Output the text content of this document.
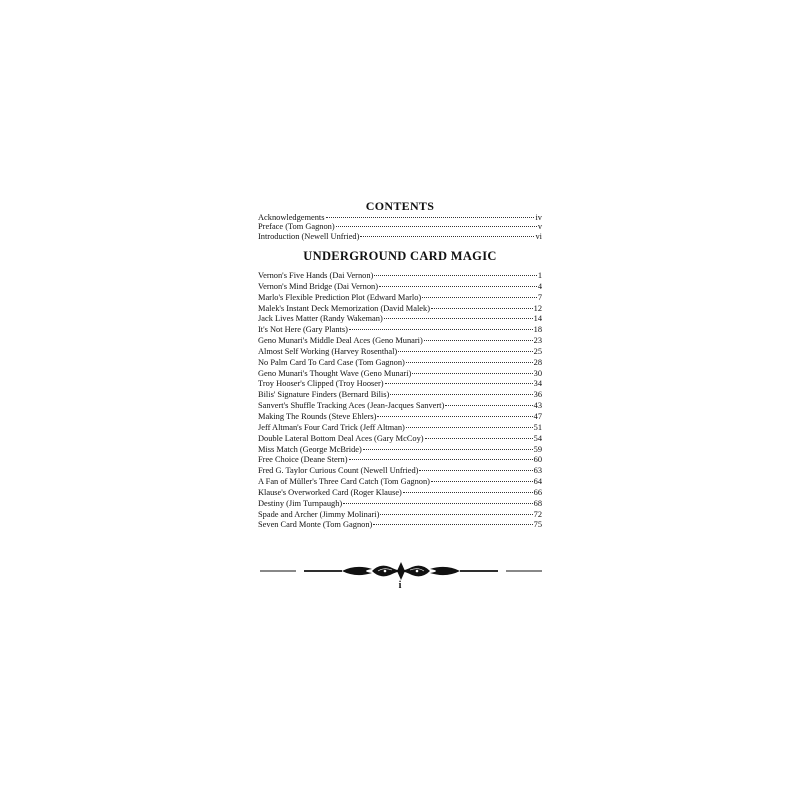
CONTENTS
Acknowledgements	iv
Preface (Tom Gagnon)	v
Introduction (Newell Unfried)	vi
UNDERGROUND CARD MAGIC
Vernon's Five Hands (Dai Vernon)	1
Vernon's Mind Bridge (Dai Vernon)	4
Marlo's Flexible Prediction Plot (Edward Marlo)	7
Malek's Instant Deck Memorization (David Malek)	12
Jack Lives Matter (Randy Wakeman)	14
It's Not Here (Gary Plants)	18
Geno Munari's Middle Deal Aces (Geno Munari)	23
Almost Self Working (Harvey Rosenthal)	25
No Palm Card To Card Case (Tom Gagnon)	28
Geno Munari's Thought Wave (Geno Munari)	30
Troy Hooser's Clipped (Troy Hooser)	34
Bilis' Signature Finders (Bernard Bilis)	36
Sanvert's Shuffle Tracking Aces (Jean-Jacques Sanvert)	43
Making The Rounds (Steve Ehlers)	47
Jeff Altman's Four Card Trick (Jeff Altman)	51
Double Lateral Bottom Deal Aces (Gary McCoy)	54
Miss Match (George McBride)	59
Free Choice (Deane Stern)	60
Fred G. Taylor Curious Count (Newell Unfried)	63
A Fan of Müller's Three Card Catch (Tom Gagnon)	64
Klause's Overworked Card (Roger Klause)	66
Destiny (Jim Turnpaugh)	68
Spade and Archer (Jimmy Molinari)	72
Seven Card Monte (Tom Gagnon)	75
i
